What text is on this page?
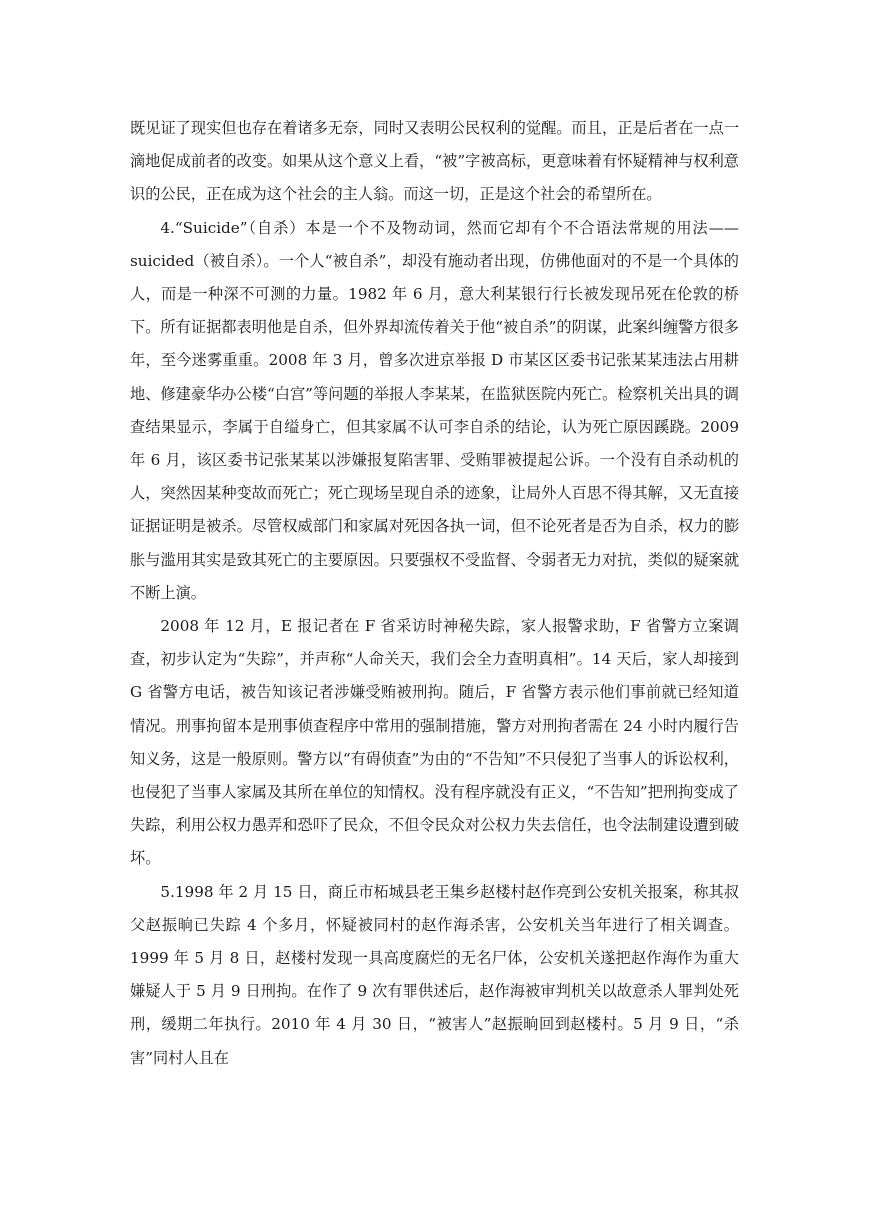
既见证了现实但也存在着诸多无奈，同时又表明公民权利的觉醒。而且，正是后者在一点一滴地促成前者的改变。如果从这个意义上看，“被”字被高标，更意味着有怀疑精神与权利意识的公民，正在成为这个社会的主人翁。而这一切，正是这个社会的希望所在。

4.“Suicide”（自杀）本是一个不及物动词，然而它却有个不合语法常规的用法——suicided（被自杀）。一个人“被自杀”，却没有施动者出现，仿佛他面对的不是一个具体的人，而是一种深不可测的力量。1982 年 6 月，意大利某银行行长被发现吊死在伦敦的桥下。所有证据都表明他是自杀，但外界却流传着关于他“被自杀”的阴谋，此案纠缠警方很多年，至今迷雾重重。2008 年 3 月，曾多次进京举报 D 市某区区委书记张某某违法占用耕地、修建豪华办公楼“白宫”等问题的举报人李某某，在监狱医院内死亡。检察机关出具的调查结果显示，李属于自缢身亡，但其家属不认可李自杀的结论，认为死亡原因蹊跷。2009 年 6 月，该区委书记张某某以涉嫌报复陷害罪、受贿罪被提起公诉。一个没有自杀动机的人，突然因某种变故而死亡；死亡现场呈现自杀的迹象，让局外人百思不得其解，又无直接证据证明是被杀。尽管权威部门和家属对死因各执一词，但不论死者是否为自杀，权力的膨胀与滥用其实是致其死亡的主要原因。只要强权不受监督、令弱者无力对抗，类似的疑案就不断上演。

2008 年 12 月，E 报记者在 F 省采访时神秘失踪，家人报警求助，F 省警方立案调查，初步认定为“失踪”，并声称“人命关天，我们会全力查明真相”。14 天后，家人却接到 G 省警方电话，被告知该记者涉嫌受贿被刑拘。随后，F 省警方表示他们事前就已经知道情况。刑事拘留本是刑事侦查程序中常用的强制措施，警方对刑拘者需在 24 小时内履行告知义务，这是一般原则。警方以“有碍侦查”为由的“不告知”不只侵犯了当事人的诉讼权利，也侵犯了当事人家属及其所在单位的知情权。没有程序就没有正义，“不告知”把刑拘变成了失踪，利用公权力愚弄和恐吓了民众，不但令民众对公权力失去信任，也令法制建设遭到破坏。

5.1998 年 2 月 15 日，商丘市柘城县老王集乡赵楼村赵作亮到公安机关报案，称其叔父赵振晌已失踪 4 个多月，怀疑被同村的赵作海杀害，公安机关当年进行了相关调查。1999 年 5 月 8 日，赵楼村发现一具高度腐烂的无名尸体，公安机关遂把赵作海作为重大嫌疑人于 5 月 9 日刑拘。在作了 9 次有罪供述后，赵作海被审判机关以故意杀人罪判处死刑，缓期二年执行。2010 年 4 月 30 日，“被害人”赵振晌回到赵楼村。5 月 9 日，“杀害”同村人且在
